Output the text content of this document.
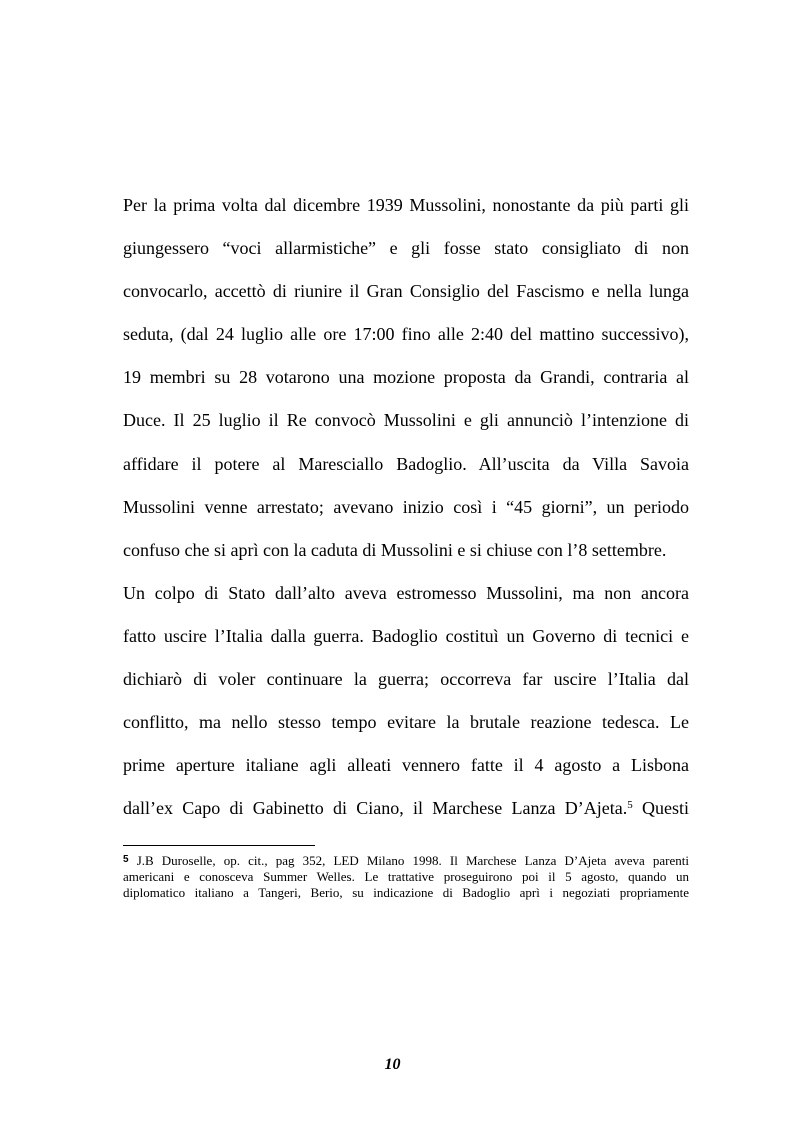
Per la prima volta dal dicembre 1939 Mussolini, nonostante da più parti gli
giungessero “voci allarmistiche” e gli fosse stato consigliato di non
convocarlo, accettò di riunire il Gran Consiglio del Fascismo e nella lunga
seduta, (dal 24 luglio alle ore 17:00 fino alle 2:40 del mattino successivo),
19 membri su 28 votarono una mozione proposta da Grandi, contraria al
Duce. Il 25 luglio il Re convocò Mussolini e gli annunciò l’intenzione di
affidare il potere al Maresciallo Badoglio. All’uscita da Villa Savoia
Mussolini venne arrestato; avevano inizio così i “45 giorni”, un periodo
confuso che si aprì con la caduta di Mussolini e si chiuse con l’8 settembre.
Un colpo di Stato dall’alto aveva estromesso Mussolini, ma non ancora
fatto uscire l’Italia dalla guerra. Badoglio costituì un Governo di tecnici e
dichiarò di voler continuare la guerra; occorreva far uscire l’Italia dal
conflitto, ma nello stesso tempo evitare la brutale reazione tedesca. Le
prime aperture italiane agli alleati vennero fatte il 4 agosto a Lisbona
dall’ex Capo di Gabinetto di Ciano, il Marchese Lanza D’Ajeta.$^5$ Questi
$^5$ J.B Duroselle, op. cit., pag 352, LED Milano 1998. Il Marchese Lanza D’Ajeta aveva parenti
americani e conosceva Summer Welles. Le trattative proseguirono poi il 5 agosto, quando un
diplomatico italiano a Tangeri, Berio, su indicazione di Badoglio aprì i negoziati propriamente
10
